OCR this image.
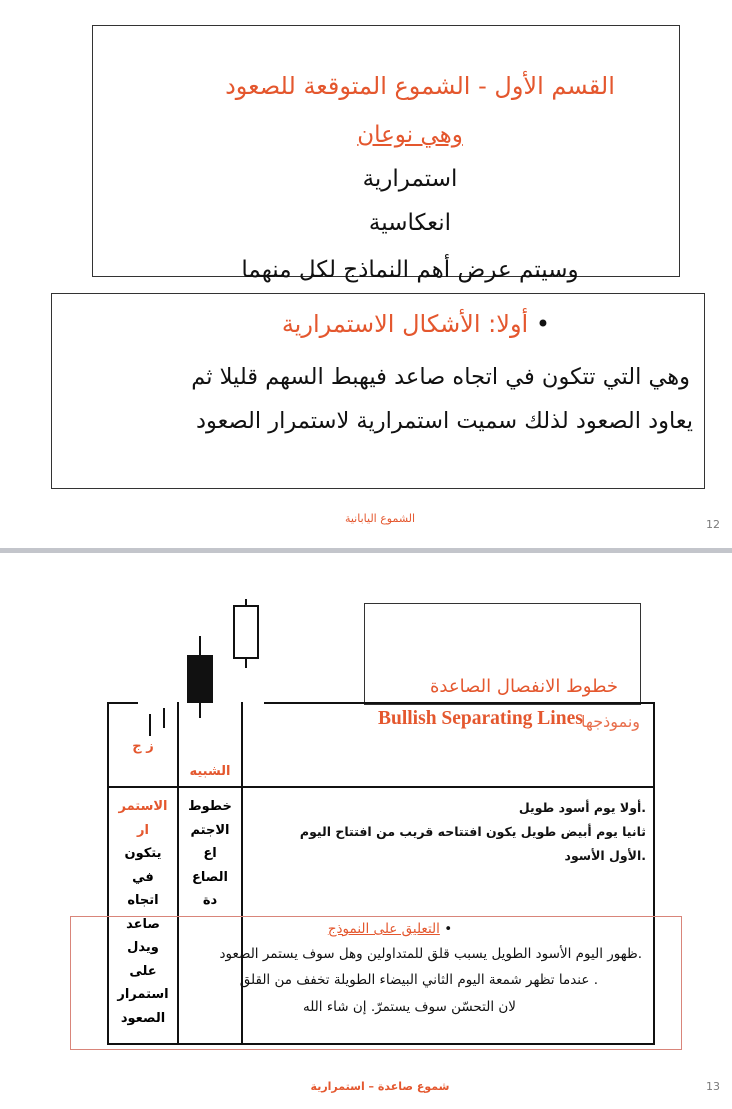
القسم الأول - الشموع المتوقعة للصعود
وهي نوعان
استمرارية
انعكاسية
وسيتم عرض أهم النماذج لكل منهما
• أولا: الأشكال الاستمرارية
وهي التي تتكون في اتجاه صاعد فيهبط السهم قليلا ثم
يعاود الصعود لذلك سميت استمرارية لاستمرار الصعود
الشموع اليابانية	12
خطوط الانفصال الصاعدة
ونموذجها
Bullish Separating Lines
ز ج
الشبيه
الاستمر
ار
يتكون
في
اتجاه
صاعد
ويدل
على
استمرار
الصعود
خطوط
الاجتم
اع
الصاع
دة
.أولا يوم أسود طويل
ثانيا يوم أبيض طويل يكون افتتاحه قريب من افتتاح اليوم
.الأول الأسود
• التعليق على النموذج
.ظهور اليوم الأسود الطويل يسبب قلق للمتداولين وهل سوف يستمر الصعود
. عندما تظهر شمعة اليوم الثاني البيضاء الطويلة تخفف من القلق
لان التحسّن سوف يستمرّ. إن شاء الله
شموع صاعدة – استمرارية	13
